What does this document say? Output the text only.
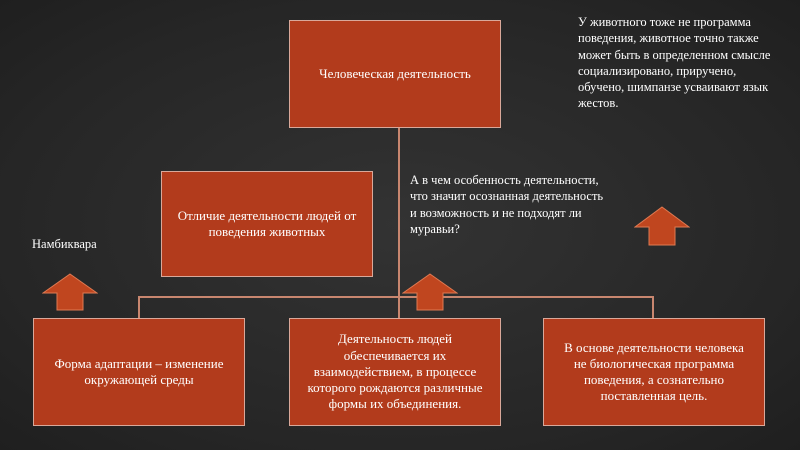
Человеческая деятельность
Отличие деятельности людей от поведения животных
Форма адаптации – изменение окружающей среды
Деятельность людей обеспечивается их взаимодействием, в процессе которого рождаются различные формы их объединения.
В основе деятельности человека не биологическая программа поведения, а сознательно поставленная цель.
У животного тоже не программа поведения, животное точно также может быть в определенном смысле социализировано, приручено, обучено, шимпанзе усваивают язык жестов.
А в чем особенность деятельности, что значит осознанная деятельность и возможность и не подходят ли муравьи?
Намбиквара
